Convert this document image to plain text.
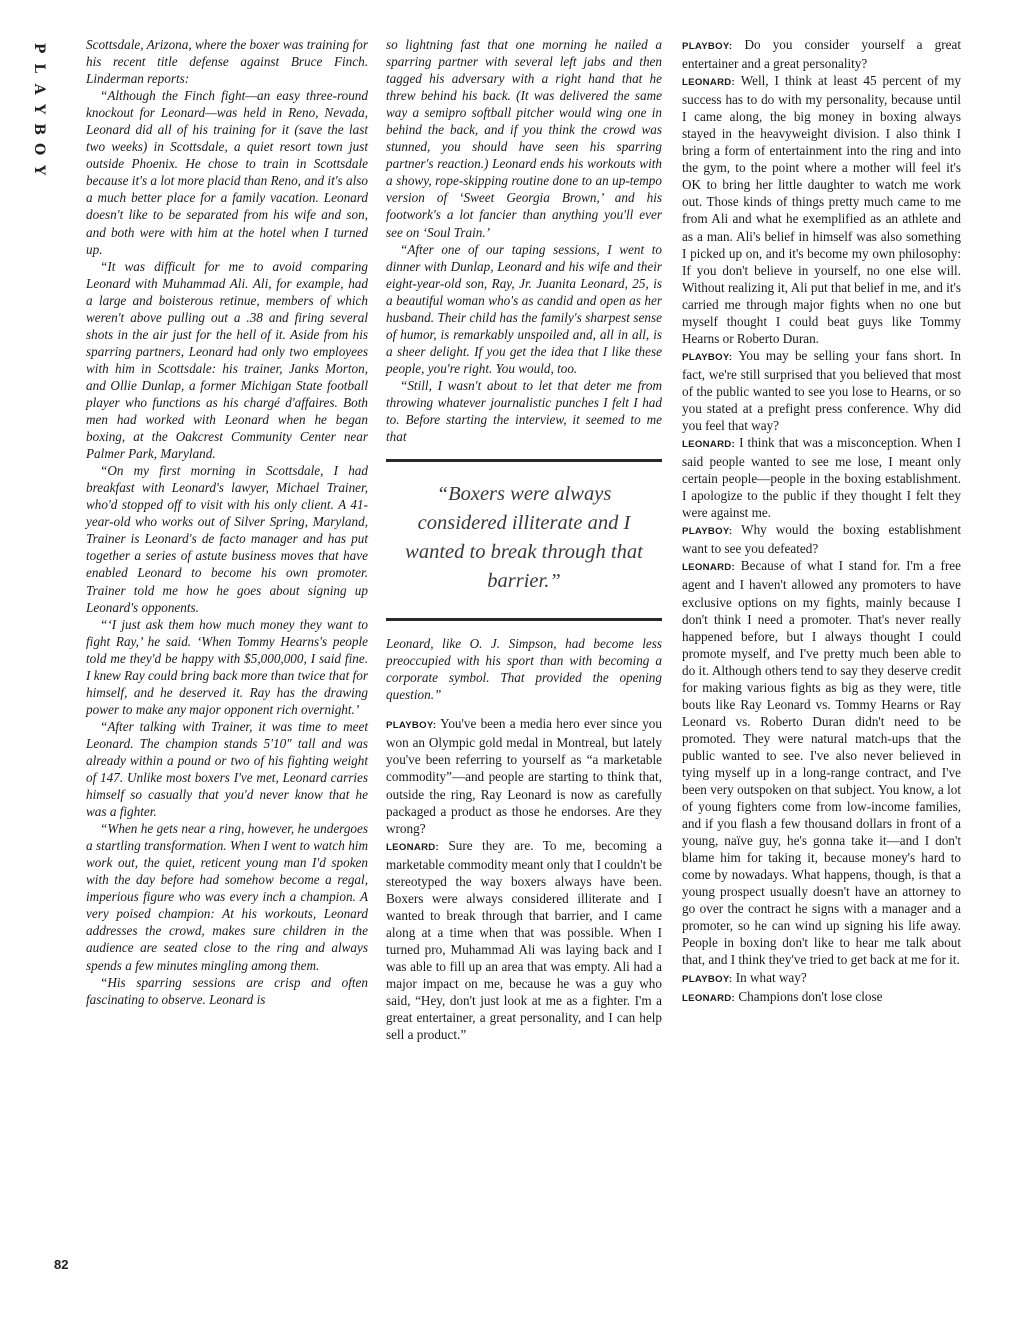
P
L
A
Y
B
O
Y
82

Scottsdale, Arizona, where the boxer was training for his recent title defense against Bruce Finch. Linderman reports:

“Although the Finch fight—an easy three-round knockout for Leonard—was held in Reno, Nevada, Leonard did all of his training for it (save the last two weeks) in Scottsdale, a quiet resort town just outside Phoenix. He chose to train in Scottsdale because it's a lot more placid than Reno, and it's also a much better place for a family vacation. Leonard doesn't like to be separated from his wife and son, and both were with him at the hotel when I turned up.

“It was difficult for me to avoid comparing Leonard with Muhammad Ali. Ali, for example, had a large and boisterous retinue, members of which weren't above pulling out a .38 and firing several shots in the air just for the hell of it. Aside from his sparring partners, Leonard had only two employees with him in Scottsdale: his trainer, Janks Morton, and Ollie Dunlap, a former Michigan State football player who functions as his chargé d'affaires. Both men had worked with Leonard when he began boxing, at the Oakcrest Community Center near Palmer Park, Maryland.

“On my first morning in Scottsdale, I had breakfast with Leonard's lawyer, Michael Trainer, who'd stopped off to visit with his only client. A 41-year-old who works out of Silver Spring, Maryland, Trainer is Leonard's de facto manager and has put together a series of astute business moves that have enabled Leonard to become his own promoter. Trainer told me how he goes about signing up Leonard's opponents.

“‘I just ask them how much money they want to fight Ray,’ he said. ‘When Tommy Hearns's people told me they'd be happy with $5,000,000, I said fine. I knew Ray could bring back more than twice that for himself, and he deserved it. Ray has the drawing power to make any major opponent rich overnight.’

“After talking with Trainer, it was time to meet Leonard. The champion stands 5'10" tall and was already within a pound or two of his fighting weight of 147. Unlike most boxers I've met, Leonard carries himself so casually that you'd never know that he was a fighter.

“When he gets near a ring, however, he undergoes a startling transformation. When I went to watch him work out, the quiet, reticent young man I'd spoken with the day before had somehow become a regal, imperious figure who was every inch a champion. A very poised champion: At his workouts, Leonard addresses the crowd, makes sure children in the audience are seated close to the ring and always spends a few minutes mingling among them.

“His sparring sessions are crisp and often fascinating to observe. Leonard is

so lightning fast that one morning he nailed a sparring partner with several left jabs and then tagged his adversary with a right hand that he threw behind his back. (It was delivered the same way a semipro softball pitcher would wing one in behind the back, and if you think the crowd was stunned, you should have seen his sparring partner's reaction.) Leonard ends his workouts with a showy, rope-skipping routine done to an up-tempo version of ‘Sweet Georgia Brown,’ and his footwork's a lot fancier than anything you'll ever see on ‘Soul Train.’

“After one of our taping sessions, I went to dinner with Dunlap, Leonard and his wife and their eight-year-old son, Ray, Jr. Juanita Leonard, 25, is a beautiful woman who's as candid and open as her husband. Their child has the family's sharpest sense of humor, is remarkably unspoiled and, all in all, is a sheer delight. If you get the idea that I like these people, you're right. You would, too.

“Still, I wasn't about to let that deter me from throwing whatever journalistic punches I felt I had to. Before starting the interview, it seemed to me that

“Boxers were always considered illiterate and I wanted to break through that barrier.”

Leonard, like O. J. Simpson, had become less preoccupied with his sport than with becoming a corporate symbol. That provided the opening question.”

PLAYBOY: You've been a media hero ever since you won an Olympic gold medal in Montreal, but lately you've been referring to yourself as “a marketable commodity”—and people are starting to think that, outside the ring, Ray Leonard is now as carefully packaged a product as those he endorses. Are they wrong?

LEONARD: Sure they are. To me, becoming a marketable commodity meant only that I couldn't be stereotyped the way boxers always have been. Boxers were always considered illiterate and I wanted to break through that barrier, and I came along at a time when that was possible. When I turned pro, Muhammad Ali was laying back and I was able to fill up an area that was empty. Ali had a major impact on me, because he was a guy who said, “Hey, don't just look at me as a fighter. I'm a great entertainer, a great personality, and I can help sell a product.”

PLAYBOY: Do you consider yourself a great entertainer and a great personality?

LEONARD: Well, I think at least 45 percent of my success has to do with my personality, because until I came along, the big money in boxing always stayed in the heavyweight division. I also think I bring a form of entertainment into the ring and into the gym, to the point where a mother will feel it's OK to bring her little daughter to watch me work out. Those kinds of things pretty much came to me from Ali and what he exemplified as an athlete and as a man. Ali's belief in himself was also something I picked up on, and it's become my own philosophy: If you don't believe in yourself, no one else will. Without realizing it, Ali put that belief in me, and it's carried me through major fights when no one but myself thought I could beat guys like Tommy Hearns or Roberto Duran.

PLAYBOY: You may be selling your fans short. In fact, we're still surprised that you believed that most of the public wanted to see you lose to Hearns, or so you stated at a prefight press conference. Why did you feel that way?

LEONARD: I think that was a misconception. When I said people wanted to see me lose, I meant only certain people—people in the boxing establishment. I apologize to the public if they thought I felt they were against me.

PLAYBOY: Why would the boxing establishment want to see you defeated?

LEONARD: Because of what I stand for. I'm a free agent and I haven't allowed any promoters to have exclusive options on my fights, mainly because I don't think I need a promoter. That's never really happened before, but I always thought I could promote myself, and I've pretty much been able to do it. Although others tend to say they deserve credit for making various fights as big as they were, title bouts like Ray Leonard vs. Tommy Hearns or Ray Leonard vs. Roberto Duran didn't need to be promoted. They were natural match-ups that the public wanted to see. I've also never believed in tying myself up in a long-range contract, and I've been very outspoken on that subject. You know, a lot of young fighters come from low-income families, and if you flash a few thousand dollars in front of a young, naïve guy, he's gonna take it—and I don't blame him for taking it, because money's hard to come by nowadays. What happens, though, is that a young prospect usually doesn't have an attorney to go over the contract he signs with a manager and a promoter, so he can wind up signing his life away. People in boxing don't like to hear me talk about that, and I think they've tried to get back at me for it.

PLAYBOY: In what way?

LEONARD: Champions don't lose close
